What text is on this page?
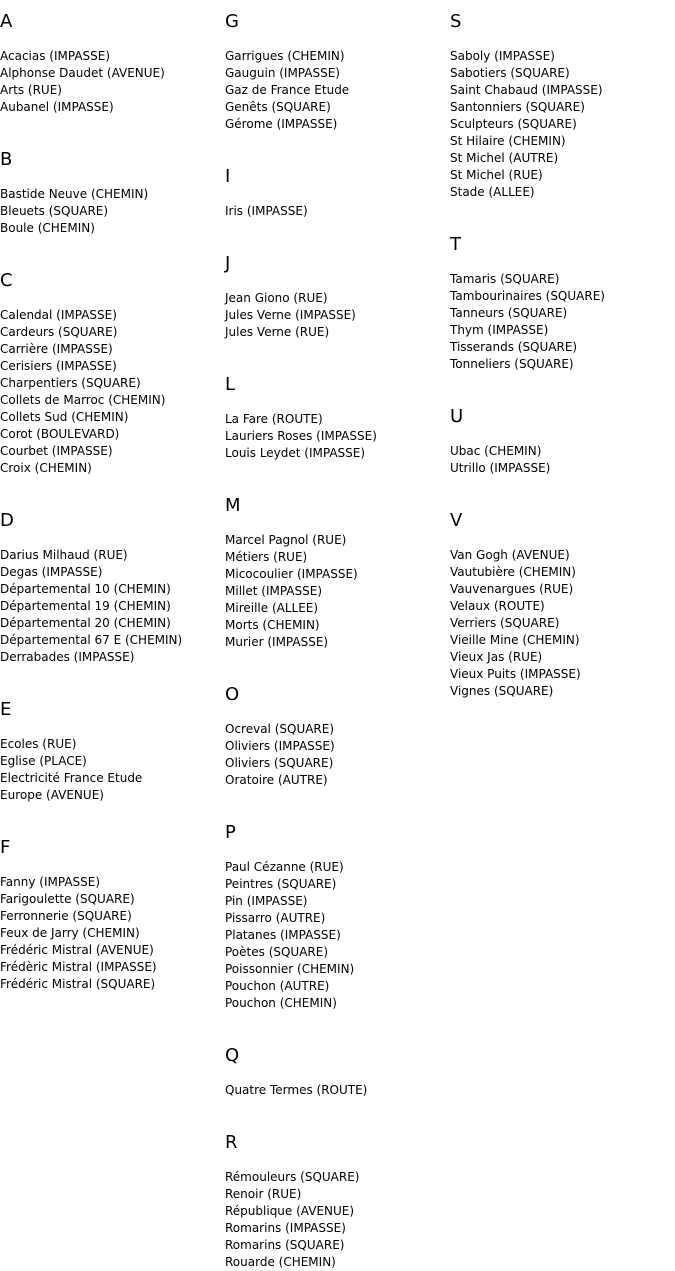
A
Acacias (IMPASSE)
Alphonse Daudet (AVENUE)
Arts (RUE)
Aubanel (IMPASSE)
B
Bastide Neuve (CHEMIN)
Bleuets (SQUARE)
Boule (CHEMIN)
C
Calendal (IMPASSE)
Cardeurs (SQUARE)
Carrière (IMPASSE)
Cerisiers (IMPASSE)
Charpentiers (SQUARE)
Collets de Marroc (CHEMIN)
Collets Sud (CHEMIN)
Corot (BOULEVARD)
Courbet (IMPASSE)
Croix (CHEMIN)
D
Darius Milhaud (RUE)
Degas (IMPASSE)
Départemental 10 (CHEMIN)
Départemental 19 (CHEMIN)
Départemental 20 (CHEMIN)
Départemental 67 E (CHEMIN)
Derrabades (IMPASSE)
E
Ecoles (RUE)
Eglise (PLACE)
Electricité France Etude
Europe (AVENUE)
F
Fanny (IMPASSE)
Farigoulette (SQUARE)
Ferronnerie (SQUARE)
Feux de Jarry (CHEMIN)
Frédéric Mistral (AVENUE)
Frédèric Mistral (IMPASSE)
Frédéric Mistral (SQUARE)
G
Garrigues (CHEMIN)
Gauguin (IMPASSE)
Gaz de France Etude
Genêts (SQUARE)
Gérome (IMPASSE)
I
Iris (IMPASSE)
J
Jean Giono (RUE)
Jules Verne (IMPASSE)
Jules Verne (RUE)
L
La Fare (ROUTE)
Lauriers Roses (IMPASSE)
Louis Leydet (IMPASSE)
M
Marcel Pagnol (RUE)
Métiers (RUE)
Micocoulier (IMPASSE)
Millet (IMPASSE)
Mireille (ALLEE)
Morts (CHEMIN)
Murier (IMPASSE)
O
Ocreval (SQUARE)
Oliviers (IMPASSE)
Oliviers (SQUARE)
Oratoire (AUTRE)
P
Paul Cézanne (RUE)
Peintres (SQUARE)
Pin (IMPASSE)
Pissarro (AUTRE)
Platanes (IMPASSE)
Poètes (SQUARE)
Poissonnier (CHEMIN)
Pouchon (AUTRE)
Pouchon (CHEMIN)
Q
Quatre Termes (ROUTE)
R
Rémouleurs (SQUARE)
Renoir (RUE)
République (AVENUE)
Romarins (IMPASSE)
Romarins (SQUARE)
Rouarde (CHEMIN)
S
Saboly (IMPASSE)
Sabotiers (SQUARE)
Saint Chabaud (IMPASSE)
Santonniers (SQUARE)
Sculpteurs (SQUARE)
St Hilaire (CHEMIN)
St Michel (AUTRE)
St Michel (RUE)
Stade (ALLEE)
T
Tamaris (SQUARE)
Tambourinaires (SQUARE)
Tanneurs (SQUARE)
Thym (IMPASSE)
Tisserands (SQUARE)
Tonneliers (SQUARE)
U
Ubac (CHEMIN)
Utrillo (IMPASSE)
V
Van Gogh (AVENUE)
Vautubière (CHEMIN)
Vauvenargues (RUE)
Velaux (ROUTE)
Verriers (SQUARE)
Vieille Mine (CHEMIN)
Vieux Jas (RUE)
Vieux Puits (IMPASSE)
Vignes (SQUARE)
